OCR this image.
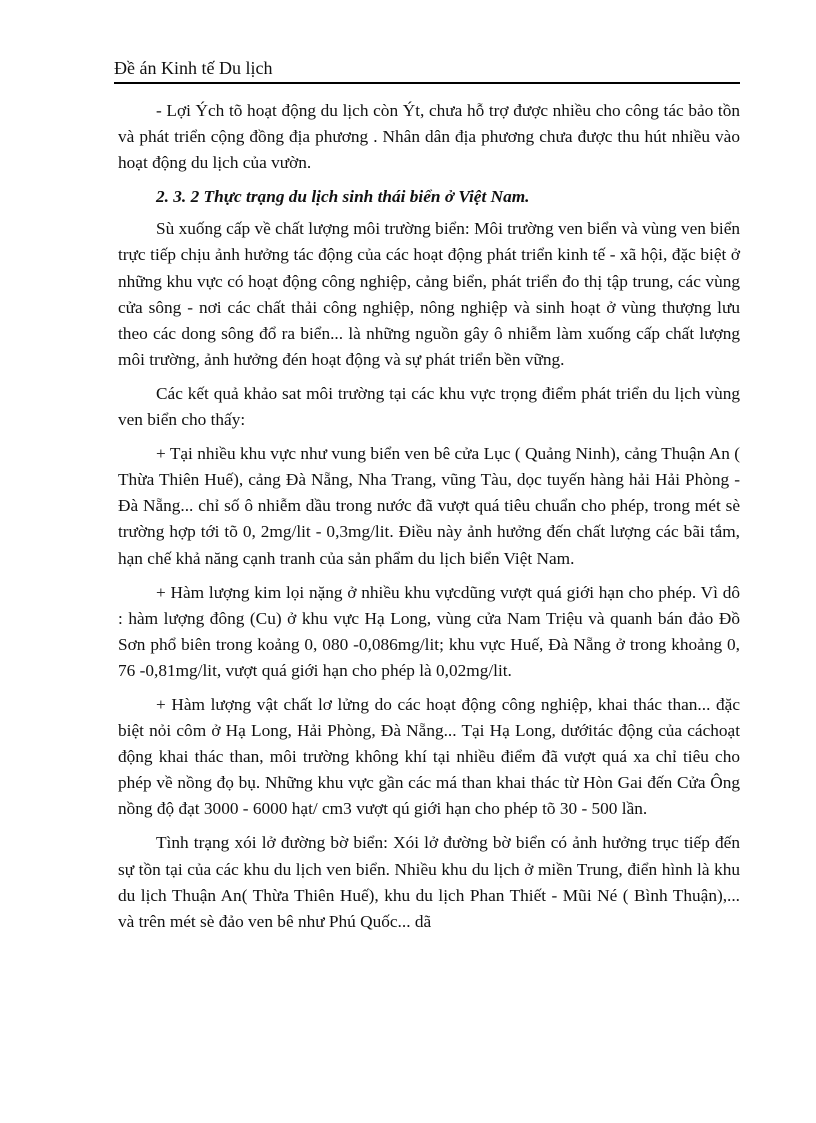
Đề án Kinh tế Du lịch

- Lợi Ých tõ hoạt động du lịch còn Ýt, chưa hỗ trợ được nhiều cho công tác bảo tồn và phát triển cộng đồng địa phương . Nhân dân địa phương chưa được thu hút nhiều vào hoạt động du lịch của vườn.

2. 3. 2 Thực trạng du lịch sinh thái biển ở Việt Nam.

Sù xuống cấp về chất lượng môi trường biển: Môi trường ven biển và vùng ven biển trực tiếp chịu ảnh hưởng tác động của các hoạt động phát triển kinh tế - xã hội, đặc biệt ở những khu vực có hoạt động công nghiệp, cảng biển, phát triển đo thị tập trung, các vùng cửa sông - nơi các chất thải công nghiệp, nông nghiệp và sinh hoạt ở vùng thượng lưu theo các dong sông đổ ra biển... là những nguồn gây ô nhiễm làm xuống cấp chất lượng môi trường, ảnh hưởng đén hoạt động và sự phát triển bền vững.

Các kết quả khảo sat môi trường tại các khu vực trọng điểm phát triển du lịch vùng ven biển cho thấy:

+ Tại nhiều khu vực như vung biển ven bê cửa Lục ( Quảng Ninh), cảng Thuận An ( Thừa Thiên Huế), cảng Đà Nẵng, Nha Trang, vũng Tàu, dọc tuyến hàng hải Hải Phòng - Đà Nẵng... chỉ số ô nhiễm dầu trong nước đã vượt quá tiêu chuẩn cho phép, trong mét sè trường hợp tới tõ 0, 2mg/lit - 0,3mg/lit. Điều này ảnh hưởng đến chất lượng các bãi tắm, hạn chế khả năng cạnh tranh của sản phẩm du lịch biển Việt Nam.

+ Hàm lượng kim lọi nặng ở nhiều khu vựcdũng vượt quá giới hạn cho phép. Vì dô : hàm lượng đông (Cu) ở khu vực Hạ Long, vùng cửa Nam Triệu và quanh bán đảo Đồ Sơn phổ biên trong koảng 0, 080 -0,086mg/lit; khu vực Huế, Đà Nẵng ở trong khoảng 0, 76 -0,81mg/lit, vượt quá giới hạn cho phép là 0,02mg/lit.

+ Hàm lượng vật chất lơ lửng do các hoạt động công nghiệp, khai thác than... đặc biệt nỏi côm ở Hạ Long, Hải Phòng, Đà Nẵng... Tại Hạ Long, dướitác động của cáchoạt động khai thác than, môi trường không khí tại nhiều điểm đã vượt quá xa chỉ tiêu cho phép về nồng đọ bụ. Những khu vực gần các má than khai thác từ Hòn Gai đến Cửa Ông nồng độ đạt 3000 - 6000 hạt/ cm3 vượt qú giới hạn cho phép tõ 30 - 500 lần.

Tình trạng xói lở đường bờ biển: Xói lở đường bờ biển có ảnh hưởng trục tiếp đến sự tồn tại của các khu du lịch ven biển. Nhiều khu du lịch ở miền Trung, điển hình là khu du lịch Thuận An( Thừa Thiên Huế), khu du lịch Phan Thiết - Mũi Né ( Bình Thuận),... và trên mét sè đảo ven bê như Phú Quốc... dã
